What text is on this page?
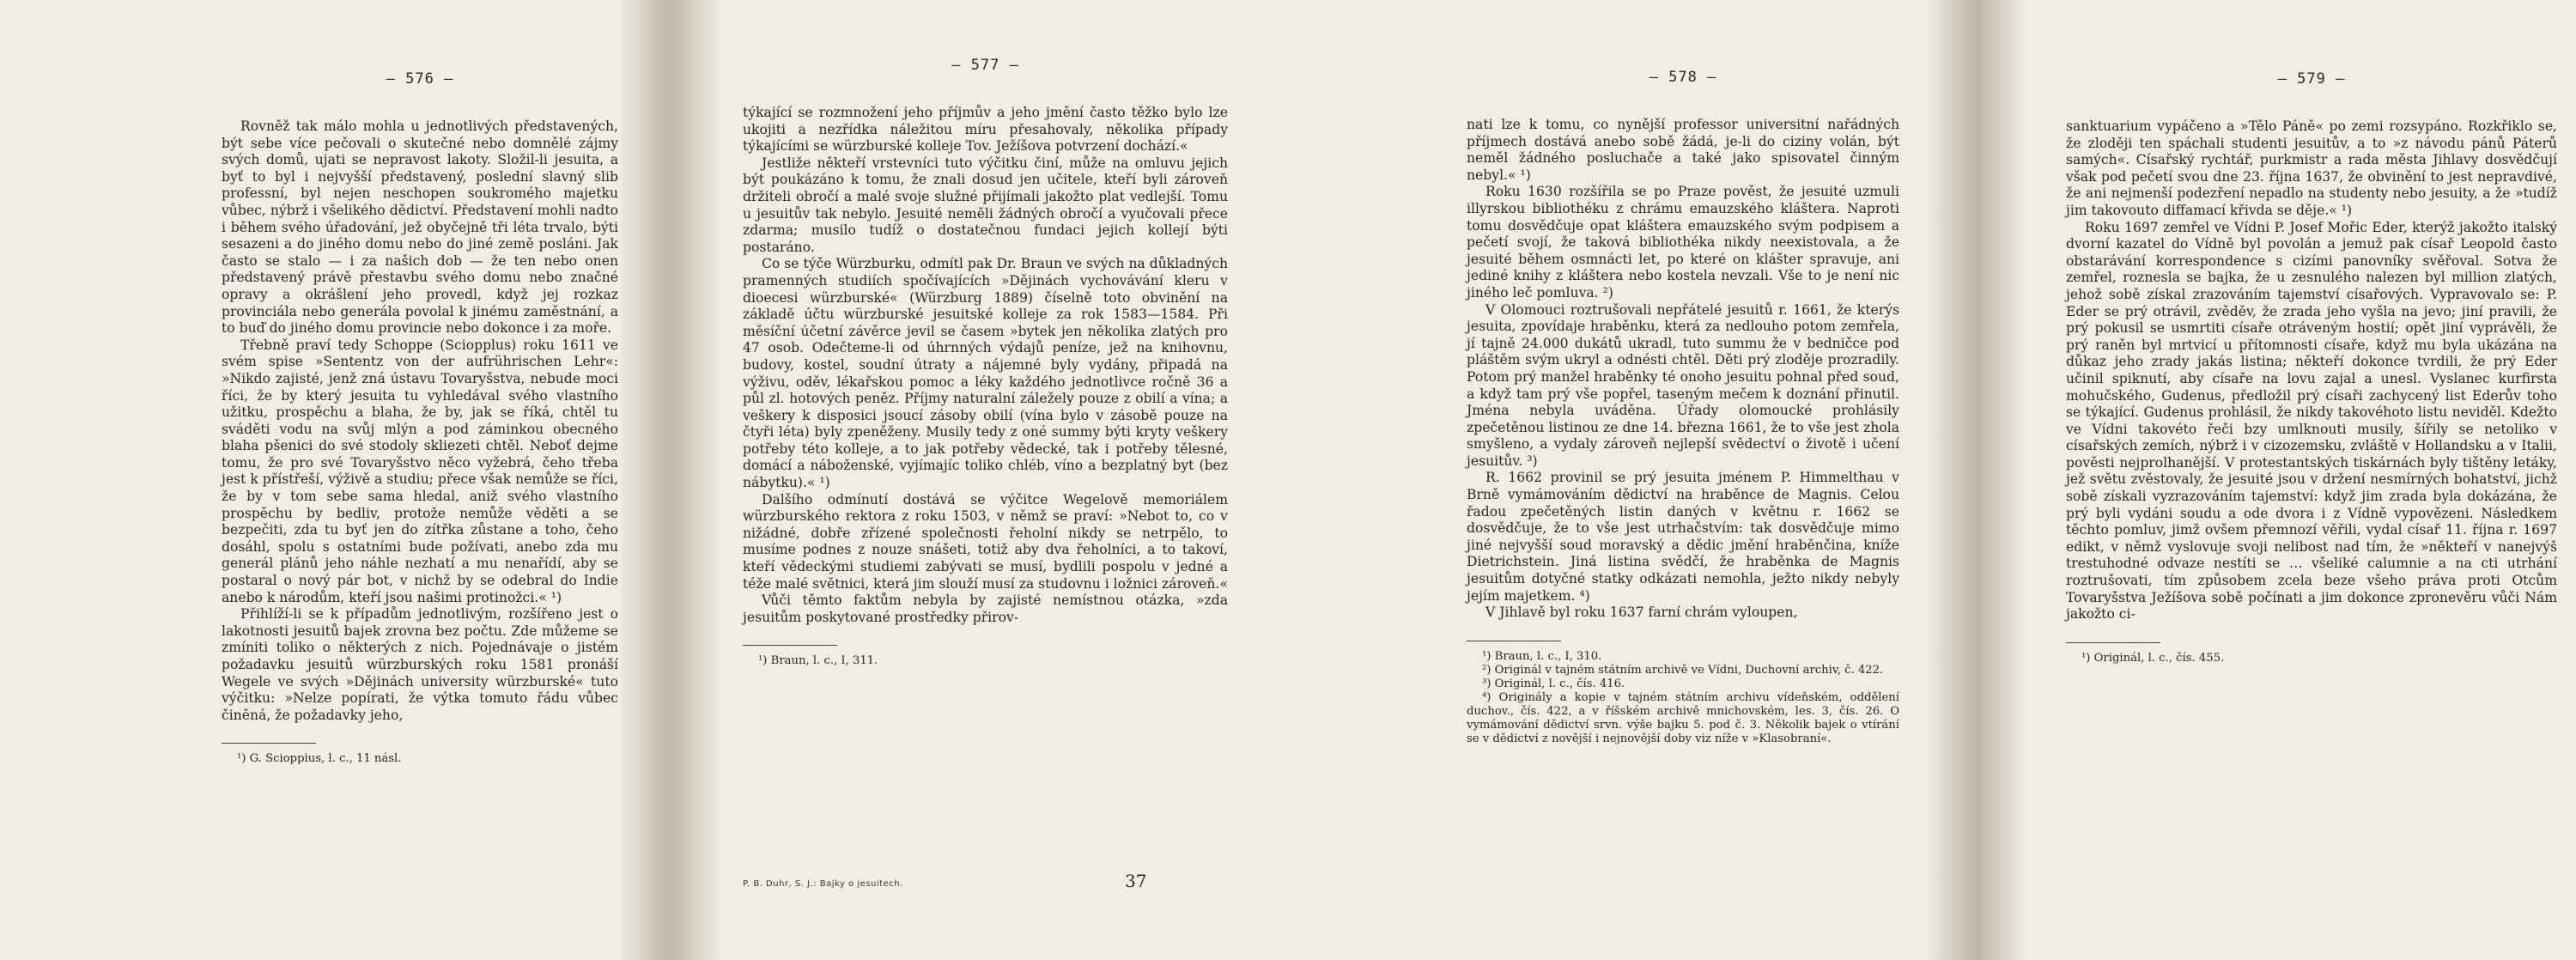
— 576 —

Rovněž tak málo mohla u jednotlivých představených, být sebe více pečovali o skutečné nebo domnělé zájmy svých domů, ujati se nepravost lakoty. Složil-li jesuita, a byť to byl i nejvyšší představený, poslední slavný slib professní, byl nejen neschopen soukromého majetku vůbec, nýbrž i všelikého dědictví. Představení mohli nadto i během svého úřadování, jež obyčejně tři léta trvalo, býti sesazeni a do jiného domu nebo do jiné země posláni. Jak často se stalo — i za našich dob — že ten nebo onen představený právě přestavbu svého domu nebo značné opravy a okrášlení jeho provedl, když jej rozkaz provinciála nebo generála povolal k jinému zaměstnání, a to buď do jiného domu provincie nebo dokonce i za moře.

Třebně praví tedy Schoppe (Sciopplus) roku 1611 ve svém spise »Sententz von der aufrührischen Lehr«: »Nikdo zajisté, jenž zná ústavu Tovaryšstva, nebude moci říci, že by který jesuita tu vyhledával svého vlastního užitku, prospěchu a blaha, že by, jak se říká, chtěl tu sváděti vodu na svůj mlýn a pod záminkou obecného blaha pšenici do své stodoly skliezeti chtěl. Neboť dejme tomu, že pro své Tovaryšstvo něco vyžebrá, čeho třeba jest k přístřeší, výživě a studiu; přece však nemůže se říci, že by v tom sebe sama hledal, aniž svého vlastního prospěchu by bedliv, protože nemůže věděti a se bezpečiti, zda tu byť jen do zítřka zůstane a toho, čeho dosáhl, spolu s ostatními bude požívati, anebo zda mu generál plánů jeho náhle nezhatí a mu nenařídí, aby se postaral o nový pár bot, v nichž by se odebral do Indie anebo k národům, kteří jsou našimi protinožci.« ¹)

Přihlíží-li se k případům jednotlivým, rozšířeno jest o lakotnosti jesuitů bajek zrovna bez počtu. Zde můžeme se zmíniti toliko o některých z nich. Pojednávaje o jistém požadavku jesuitů würzburských roku 1581 pronáší Wegele ve svých »Dějinách university würzburské« tuto výčitku: »Nelze popírati, že výtka tomuto řádu vůbec činěná, že požadavky jeho,

¹) G. Scioppius, l. c., 11 násl.

— 577 —

týkající se rozmnožení jeho příjmův a jeho jmění často těžko bylo lze ukojiti a nezřídka náležitou míru přesahovaly, několika případy týkajícími se würzburské kolleje Tov. Ježíšova potvrzení dochází.«

Jestliže někteří vrstevníci tuto výčitku činí, může na omluvu jejich být poukázáno k tomu, že znali dosud jen učitele, kteří byli zároveň držiteli obročí a malé svoje služné přijímali jakožto plat vedlejší. Tomu u jesuitův tak nebylo. Jesuité neměli žádných obročí a vyučovali přece zdarma; musilo tudíž o dostatečnou fundaci jejich kollejí býti postaráno.

Co se týče Würzburku, odmítl pak Dr. Braun ve svých na důkladných pramenných studiích spočívajících »Dějinách vychovávání kleru v dioecesi würzburské« (Würzburg 1889) číselně toto obvinění na základě účtu würzburské jesuitské kolleje za rok 1583—1584. Při měsíční účetní závěrce jevil se časem »bytek jen několika zlatých pro 47 osob. Odečteme-li od úhrnných výdajů peníze, jež na knihovnu, budovy, kostel, soudní útraty a nájemné byly vydány, připadá na výživu, oděv, lékařskou pomoc a léky každého jednotlivce ročně 36 a půl zl. hotových peněz. Příjmy naturalní záležely pouze z obilí a vína; a veškery k disposici jsoucí zásoby obilí (vína bylo v zásobě pouze na čtyři léta) byly zpeněženy. Musily tedy z oné summy býti kryty veškery potřeby této kolleje, a to jak potřeby vědecké, tak i potřeby tělesné, domácí a náboženské, vyjímajíc toliko chléb, víno a bezplatný byt (bez nábytku).« ¹)

Dalšího odmínutí dostává se výčitce Wegelově memoriálem würzburského rektora z roku 1503, v němž se praví: »Nebot to, co v nižádné, dobře zřízené společnosti řeholní nikdy se netrpělo, to musíme podnes z nouze snášeti, totiž aby dva řeholníci, a to takoví, kteří vědeckými studiemi zabývati se musí, bydlili pospolu v jedné a téže malé světnici, která jim slouží musí za studovnu i ložnici zároveň.«

Vůči těmto faktům nebyla by zajisté nemístnou otázka, »zda jesuitům poskytované prostředky přirov-

¹) Braun, l. c., I, 311.

P. B. Duhr, S. J.: Bajky o jesuitech.	37
— 578 —

nati lze k tomu, co nynější professor universitní nařádných příjmech dostává anebo sobě žádá, je-li do ciziny volán, být neměl žádného posluchače a také jako spisovatel činným nebyl.« ¹)

Roku 1630 rozšířila se po Praze pověst, že jesuité uzmuli illyrskou bibliothéku z chrámu emauzského kláštera. Naproti tomu dosvědčuje opat kláštera emauzského svým podpisem a pečetí svojí, že taková bibliothéka nikdy neexistovala, a že jesuité během osmnácti let, po které on klášter spravuje, ani jediné knihy z kláštera nebo kostela nevzali. Vše to je není nic jiného leč pomluva. ²)

V Olomouci roztrušovali nepřátelé jesuitů r. 1661, že kterýs jesuita, zpovídaje hraběnku, která za nedlouho potom zemřela, jí tajně 24.000 dukátů ukradl, tuto summu že v bedničce pod pláštěm svým ukryl a odnésti chtěl. Děti prý zloděje prozradily. Potom prý manžel hraběnky té onoho jesuitu pohnal před soud, a když tam prý vše popřel, taseným mečem k doznání přinutil. Jména nebyla uváděna. Úřady olomoucké prohlásily zpečetěnou listinou ze dne 14. března 1661, že to vše jest zhola smyšleno, a vydaly zároveň nejlepší svědectví o životě i učení jesuitův. ³)

R. 1662 provinil se prý jesuita jménem P. Himmelthau v Brně vymámováním dědictví na hraběnce de Magnis. Celou řadou zpečetěných listin daných v květnu r. 1662 se dosvědčuje, že to vše jest utrhačstvím: tak dosvědčuje mimo jiné nejvyšší soud moravský a dědic jmění hraběnčina, kníže Dietrichstein. Jiná listina svědčí, že hraběnka de Magnis jesuitům dotyčné statky odkázati nemohla, ježto nikdy nebyly jejím majetkem. ⁴)

V Jihlavě byl roku 1637 farní chrám vyloupen,

¹) Braun, l. c., I, 310.

²) Originál v tajném státním archivě ve Vídni, Duchovní archiv, č. 422.

³) Originál, l. c., čís. 416.

⁴) Originály a kopie v tajném státním archivu vídeňském, oddělení duchov., čís. 422, a v říšském archivě mnichovském, les. 3, čís. 26. O vymámování dědictví srvn. výše bajku 5. pod č. 3. Několik bajek o vtírání se v dědictví z novější i nejnovější doby viz níže v »Klasobraní«.

— 579 —

sanktuarium vypáčeno a »Tělo Páně« po zemi rozsypáno. Rozkřiklo se, že zloději ten spáchali studenti jesuitův, a to »z návodu pánů Páterů samých«. Císařský rychtář, purkmistr a rada města Jihlavy dosvědčují však pod pečetí svou dne 23. října 1637, že obvinění to jest nepravdivé, že ani nejmenší podezření nepadlo na studenty nebo jesuity, a že »tudíž jim takovouto diffamací křivda se děje.« ¹)

Roku 1697 zemřel ve Vídni P. Josef Mořic Eder, kterýž jakožto italský dvorní kazatel do Vídně byl povolán a jemuž pak císař Leopold často obstarávání korrespondence s cizími panovníky svěřoval. Sotva že zemřel, roznesla se bajka, že u zesnulého nalezen byl million zlatých, jehož sobě získal zrazováním tajemství císařových. Vypravovalo se: P. Eder se prý otrávil, zvěděv, že zrada jeho vyšla na jevo; jiní pravili, že prý pokusil se usmrtiti císaře otráveným hostií; opět jiní vyprávěli, že prý raněn byl mrtvicí u přítomnosti císaře, když mu byla ukázána na důkaz jeho zrady jakás listina; někteří dokonce tvrdili, že prý Eder učinil spiknutí, aby císaře na lovu zajal a unesl. Vyslanec kurfirsta mohučského, Gudenus, předložil prý císaři zachycený list Ederův toho se týkající. Gudenus prohlásil, že nikdy takovéhoto listu neviděl. Kdežto ve Vídni takovéto řeči bzy umlknouti musily, šířily se netoliko v císařských zemích, nýbrž i v cizozemsku, zvláště v Hollandsku a v Italii, pověsti nejprolhanější. V protestantských tiskárnách byly tištěny letáky, jež světu zvěstovaly, že jesuité jsou v držení nesmírných bohatství, jichž sobě získali vyzrazováním tajemství: když jim zrada byla dokázána, že prý byli vydáni soudu a ode dvora i z Vídně vypovězeni. Následkem těchto pomluv, jimž ovšem přemnozí věřili, vydal císař 11. října r. 1697 edikt, v němž vyslovuje svoji nelibost nad tím, že »někteří v nanejvýš trestuhodné odvaze nestíti se … všeliké calumnie a na cti utrhání roztrušovati, tím způsobem zcela beze všeho práva proti Otcům Tovaryšstva Ježíšova sobě počínati a jim dokonce zpronevěru vůči Nám jakožto ci-

¹) Originál, l. c., čís. 455.
